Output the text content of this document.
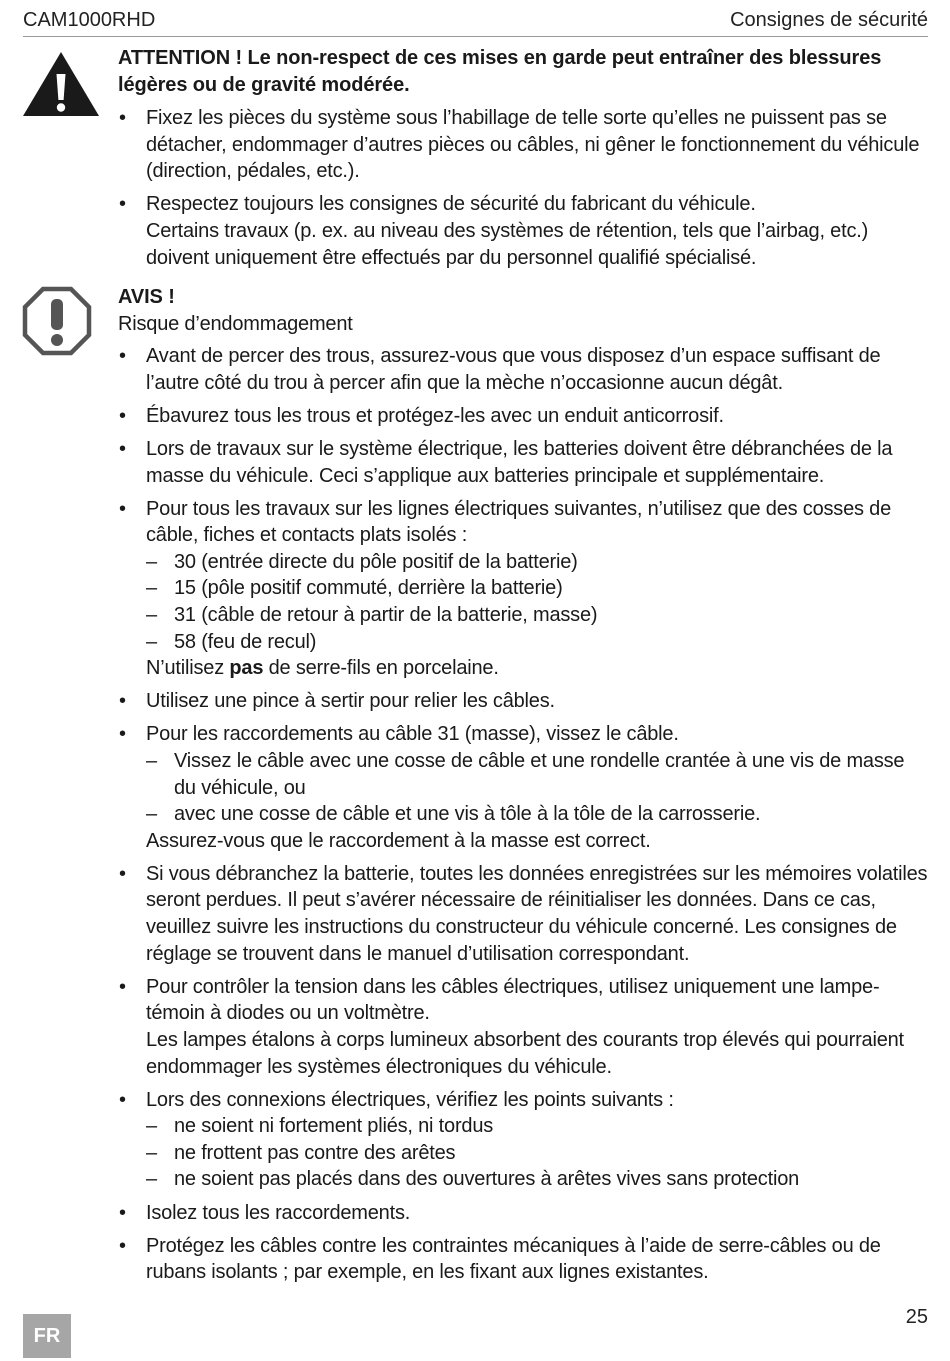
CAM1000RHD	Consignes de sécurité

ATTENTION ! Le non-respect de ces mises en garde peut entraîner des blessures légères ou de gravité modérée.

• Fixez les pièces du système sous l’habillage de telle sorte qu’elles ne puissent pas se détacher, endommager d’autres pièces ou câbles, ni gêner le fonctionnement du véhicule (direction, pédales, etc.).
• Respectez toujours les consignes de sécurité du fabricant du véhicule.
Certains travaux (p. ex. au niveau des systèmes de rétention, tels que l’airbag, etc.) doivent uniquement être effectués par du personnel qualifié spécialisé.

AVIS !

Risque d’endommagement

• Avant de percer des trous, assurez-vous que vous disposez d’un espace suffisant de l’autre côté du trou à percer afin que la mèche n’occasionne aucun dégât.
• Ébavurez tous les trous et protégez-les avec un enduit anticorrosif.
• Lors de travaux sur le système électrique, les batteries doivent être débranchées de la masse du véhicule. Ceci s’applique aux batteries principale et supplémentaire.
• Pour tous les travaux sur les lignes électriques suivantes, n’utilisez que des cosses de câble, fiches et contacts plats isolés :
– 30 (entrée directe du pôle positif de la batterie)
– 15 (pôle positif commuté, derrière la batterie)
– 31 (câble de retour à partir de la batterie, masse)
– 58 (feu de recul)
N’utilisez pas de serre-fils en porcelaine.
• Utilisez une pince à sertir pour relier les câbles.
• Pour les raccordements au câble 31 (masse), vissez le câble.
– Vissez le câble avec une cosse de câble et une rondelle crantée à une vis de masse du véhicule, ou
– avec une cosse de câble et une vis à tôle à la tôle de la carrosserie.
Assurez-vous que le raccordement à la masse est correct.
• Si vous débranchez la batterie, toutes les données enregistrées sur les mémoires volatiles seront perdues. Il peut s’avérer nécessaire de réinitialiser les données. Dans ce cas, veuillez suivre les instructions du constructeur du véhicule concerné. Les consignes de réglage se trouvent dans le manuel d’utilisation correspondant.
• Pour contrôler la tension dans les câbles électriques, utilisez uniquement une lampe-témoin à diodes ou un voltmètre.
Les lampes étalons à corps lumineux absorbent des courants trop élevés qui pourraient endommager les systèmes électroniques du véhicule.
• Lors des connexions électriques, vérifiez les points suivants :
– ne soient ni fortement pliés, ni tordus
– ne frottent pas contre des arêtes
– ne soient pas placés dans des ouvertures à arêtes vives sans protection
• Isolez tous les raccordements.
• Protégez les câbles contre les contraintes mécaniques à l’aide de serre-câbles ou de rubans isolants ; par exemple, en les fixant aux lignes existantes.
25
FR
